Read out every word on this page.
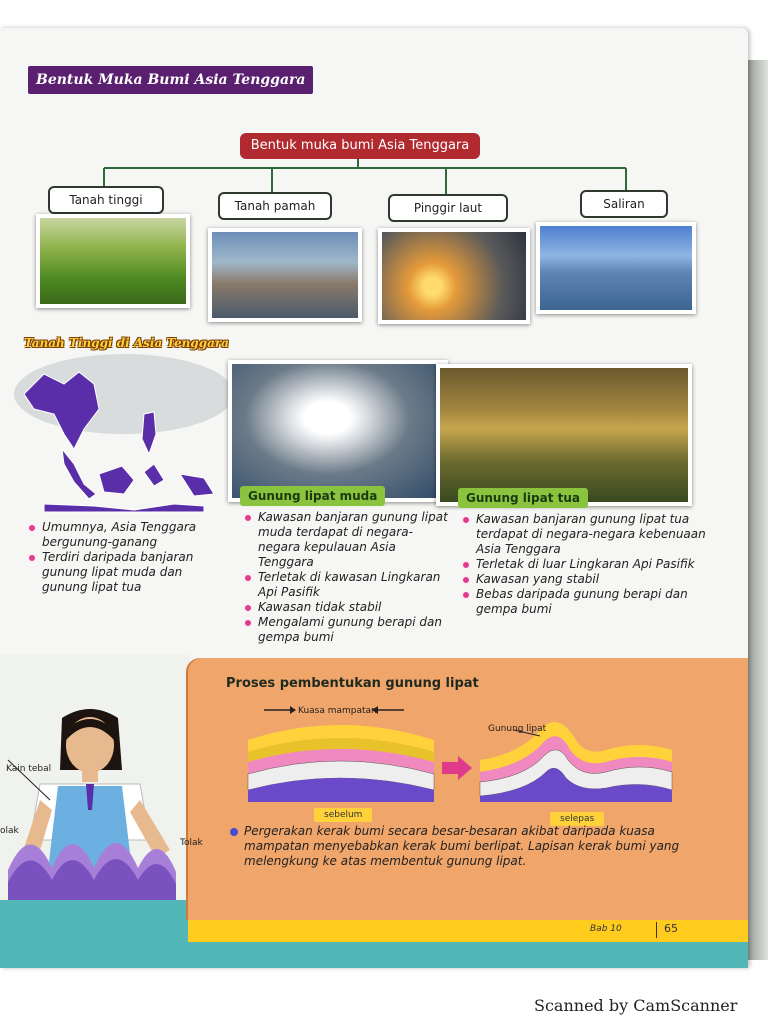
Bentuk Muka Bumi Asia Tenggara
Bentuk muka bumi Asia Tenggara
Tanah tinggi	Tanah pamah	Pinggir laut	Saliran
Tanah Tinggi di Asia Tenggara
Gunung lipat muda	Gunung lipat tua
Umumnya, Asia Tenggara bergunung-ganang
Terdiri daripada banjaran gunung lipat muda dan gunung lipat tua
Kawasan banjaran gunung lipat muda terdapat di negara-negara kepulauan Asia Tenggara
Terletak di kawasan Lingkaran Api Pasifik
Kawasan tidak stabil
Mengalami gunung berapi dan gempa bumi
Kawasan banjaran gunung lipat tua terdapat di negara-negara kebenuaan Asia Tenggara
Terletak di luar Lingkaran Api Pasifik
Kawasan yang stabil
Bebas daripada gunung berapi dan gempa bumi
Kain tebal
Tolak
olak
Proses pembentukan gunung lipat
Kuasa mampatan
Gunung lipat
sebelum	selepas
Pergerakan kerak bumi secara besar-besaran akibat daripada kuasa mampatan menyebabkan kerak bumi berlipat. Lapisan kerak bumi yang melengkung ke atas membentuk gunung lipat.
Bab 10	65
Scanned by CamScanner
